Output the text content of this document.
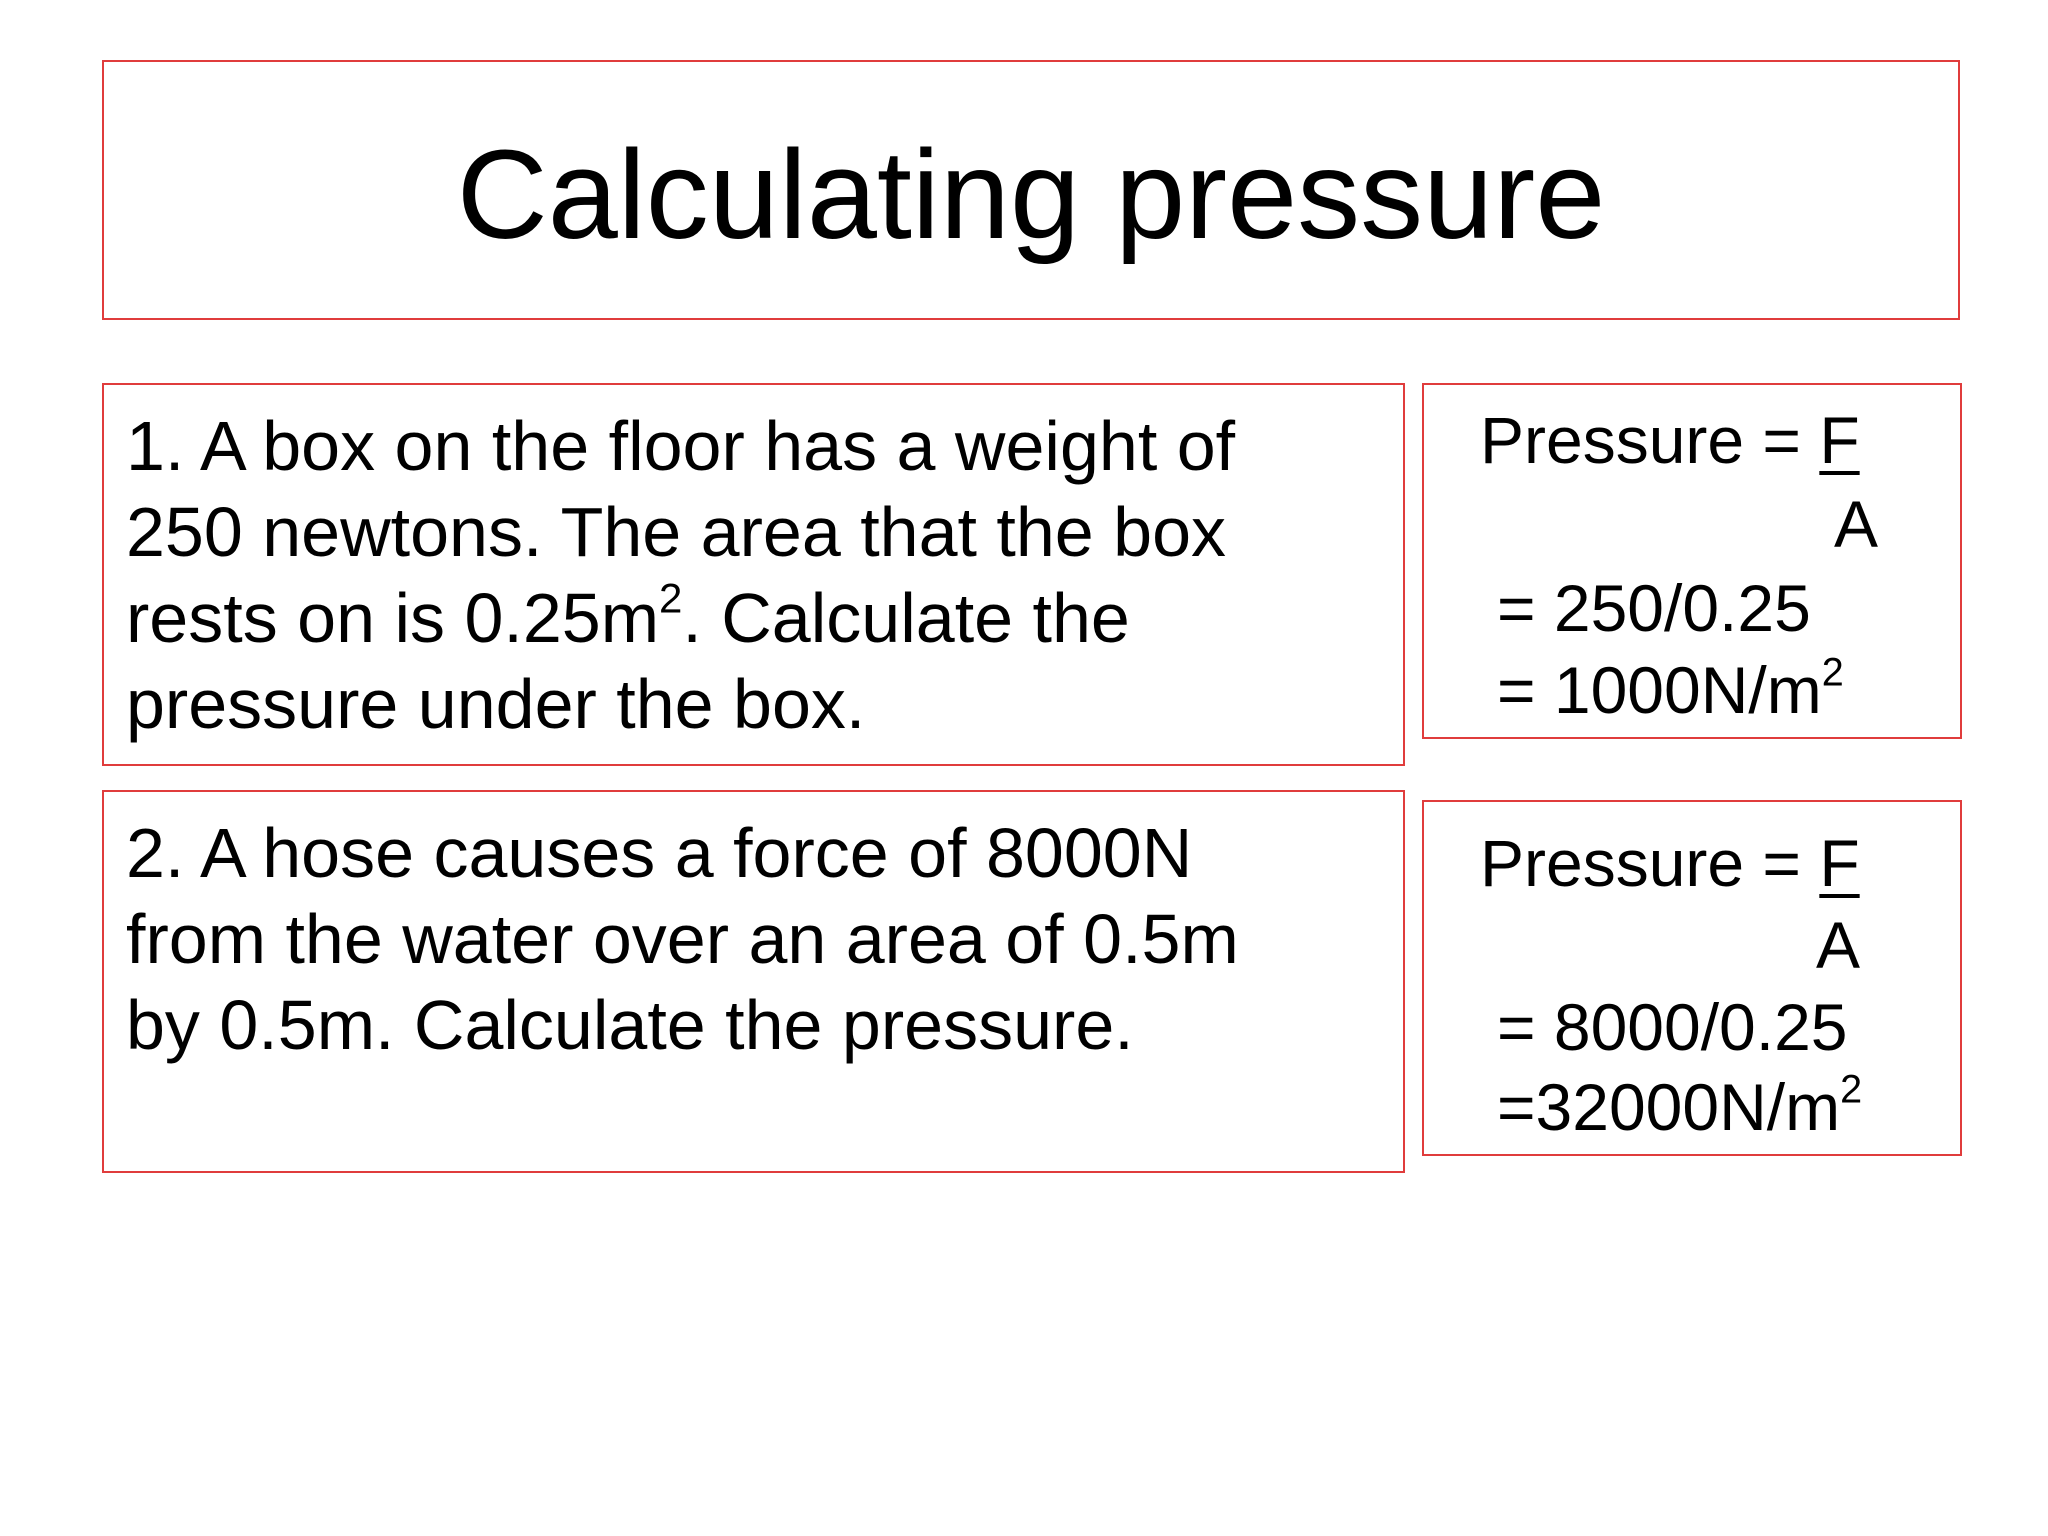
Calculating pressure
1. A box on the floor has a weight of
250 newtons. The area that the box
rests on is $0.25m^2$. Calculate the
pressure under the box.
Pressure = F
A
= 250/0.25
= $1000N/m^2$
2. A hose causes a force of 8000N
from the water over an area of 0.5m
by 0.5m. Calculate the pressure.
Pressure = F
A
= 8000/0.25
$=32000N/m^2$
